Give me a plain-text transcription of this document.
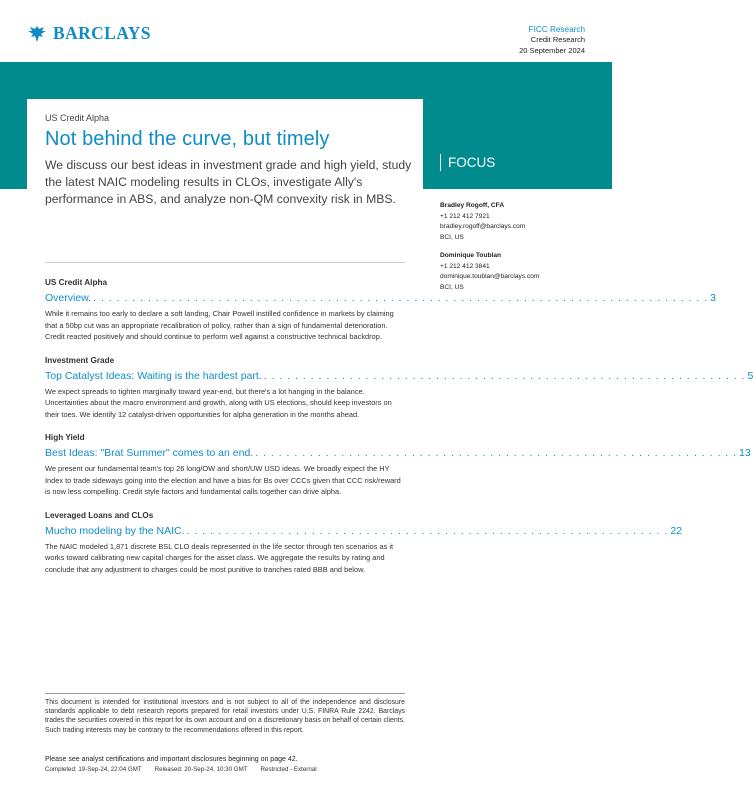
BARCLAYS	FICC Research
Credit Research
20 September 2024
FOCUS
US Credit Alpha
Not behind the curve, but timely
We discuss our best ideas in investment grade and high yield, study the latest NAIC modeling results in CLOs, investigate Ally's performance in ABS, and analyze non-QM convexity risk in MBS.
US Credit Alpha
Overview. . . . . . . . . . . . . . . . . . . . . . . . . . . . . . . . . . . . . . . . . . . . . . . . . . . . . . . . . . . . . . . . . . . . . . . . . . . . . . . . 3
While it remains too early to declare a soft landing, Chair Powell instilled confidence in markets by claiming that a 50bp cut was an appropriate recalibration of policy, rather than a sign of fundamental deterioration. Credit reacted positively and should continue to perform well against a constructive technical backdrop.
Investment Grade
Top Catalyst Ideas: Waiting is the hardest part. . . . . . . . . . . . . . . . . . . . . . . . . . . . . . . . . . . . . . . . . . . . . . . . . . . . . . . . . . . . . . . 5
We expect spreads to tighten marginally toward year-end, but there's a lot hanging in the balance. Uncertainties about the macro environment and growth, along with US elections, should keep investors on their toes. We identify 12 catalyst-driven opportunities for alpha generation in the months ahead.
High Yield
Best Ideas: "Brat Summer" comes to an end. . . . . . . . . . . . . . . . . . . . . . . . . . . . . . . . . . . . . . . . . . . . . . . . . . . . . . . . . . . . . . . 13
We present our fundamental team's top 26 long/OW and short/UW USD ideas. We broadly expect the HY Index to trade sideways going into the election and have a bias for Bs over CCCs given that CCC risk/reward is now less compelling. Credit style factors and fundamental calls together can drive alpha.
Leveraged Loans and CLOs
Mucho modeling by the NAIC. . . . . . . . . . . . . . . . . . . . . . . . . . . . . . . . . . . . . . . . . . . . . . . . . . . . . . . . . . . . . . . 22
The NAIC modeled 1,871 discrete BSL CLO deals represented in the life sector through ten scenarios as it works toward calibrating new capital charges for the asset class. We aggregate the results by rating and conclude that any adjustment to charges could be most punitive to tranches rated BBB and below.
Bradley Rogoff, CFA
+1 212 412 7921
bradley.rogoff@barclays.com
BCI, US
Dominique Toublan
+1 212 412 3841
dominique.toublan@barclays.com
BCI, US
This document is intended for institutional investors and is not subject to all of the independence and disclosure standards applicable to debt research reports prepared for retail investors under U.S. FINRA Rule 2242. Barclays trades the securities covered in this report for its own account and on a discretionary basis on behalf of certain clients. Such trading interests may be contrary to the recommendations offered in this report.
Please see analyst certifications and important disclosures beginning on page 42.
Completed: 19-Sep-24, 22:04 GMT Released: 20-Sep-24, 10:30 GMT Restricted - External
